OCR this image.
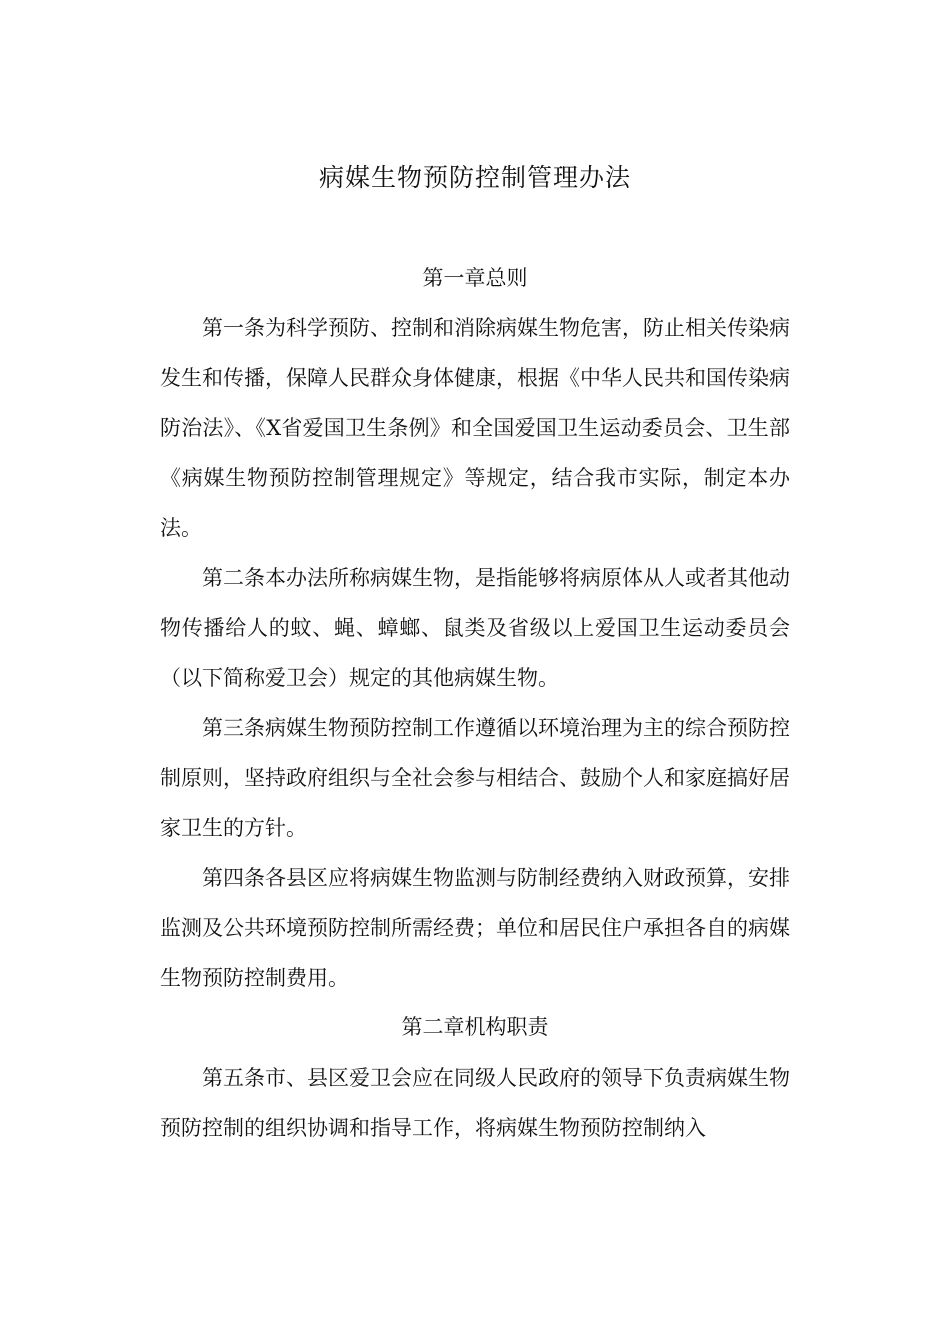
病媒生物预防控制管理办法
第一章总则

第一条为科学预防、控制和消除病媒生物危害，防止相关传染病发生和传播，保障人民群众身体健康，根据《中华人民共和国传染病防治法》、《X省爱国卫生条例》和全国爱国卫生运动委员会、卫生部《病媒生物预防控制管理规定》等规定，结合我市实际，制定本办法。

第二条本办法所称病媒生物，是指能够将病原体从人或者其他动物传播给人的蚊、蝇、蟑螂、鼠类及省级以上爱国卫生运动委员会（以下简称爱卫会）规定的其他病媒生物。

第三条病媒生物预防控制工作遵循以环境治理为主的综合预防控制原则，坚持政府组织与全社会参与相结合、鼓励个人和家庭搞好居家卫生的方针。

第四条各县区应将病媒生物监测与防制经费纳入财政预算，安排监测及公共环境预防控制所需经费；单位和居民住户承担各自的病媒生物预防控制费用。

第二章机构职责

第五条市、县区爱卫会应在同级人民政府的领导下负责病媒生物预防控制的组织协调和指导工作，将病媒生物预防控制纳入
